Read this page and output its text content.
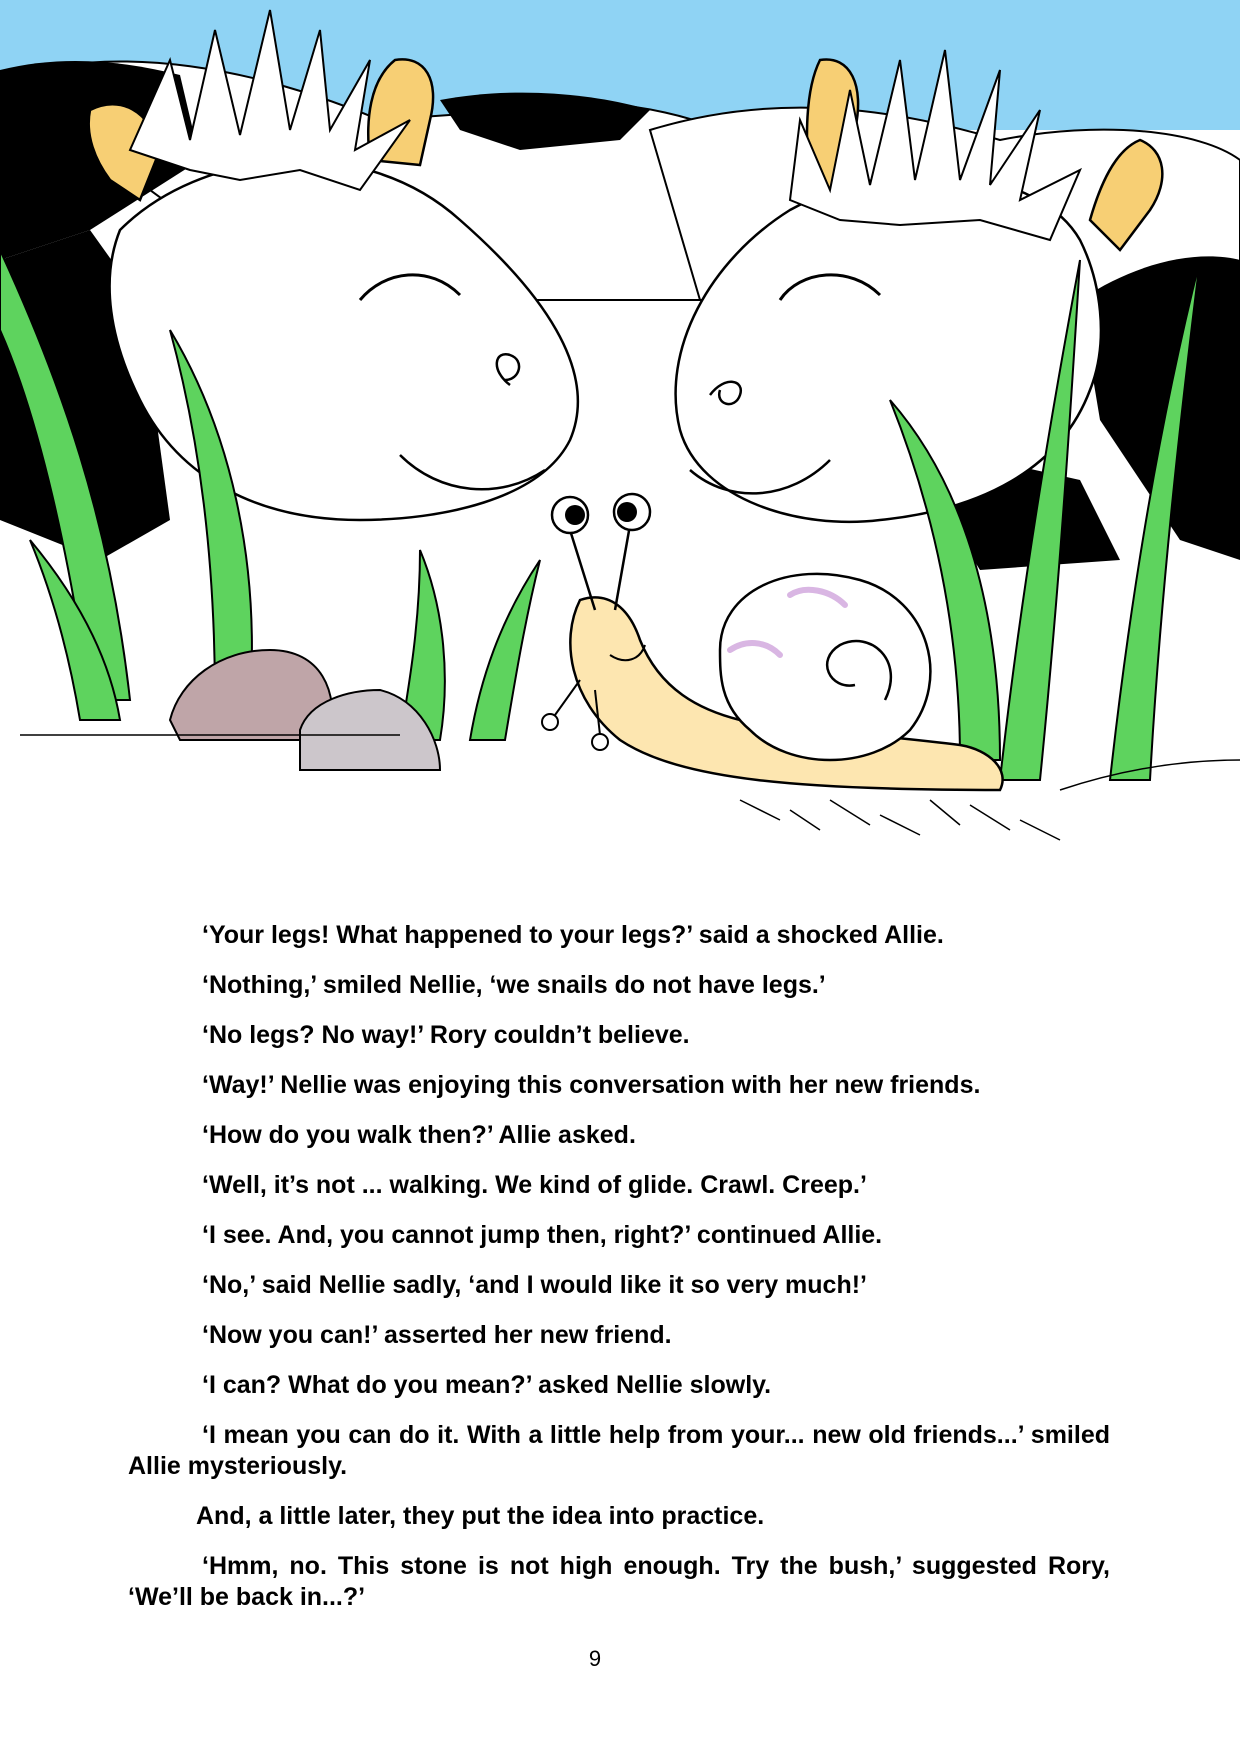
‘Your legs! What happened to your legs?’ said a shocked Allie.

‘Nothing,’ smiled Nellie, ‘we snails do not have legs.’

‘No legs? No way!’ Rory couldn’t believe.

‘Way!’ Nellie was enjoying this conversation with her new friends.

‘How do you walk then?’ Allie asked.

‘Well, it’s not ... walking. We kind of glide. Crawl. Creep.’

‘I see. And, you cannot jump then, right?’ continued Allie.

‘No,’ said Nellie sadly, ‘and I would like it so very much!’

‘Now you can!’ asserted her new friend.

‘I can? What do you mean?’ asked Nellie slowly.

‘I mean you can do it. With a little help from your... new old friends...’ smiled Allie mysteriously.

And, a little later, they put the idea into practice.

‘Hmm, no. This stone is not high enough. Try the bush,’ suggested Rory, ‘We’ll be back in...?’

9
